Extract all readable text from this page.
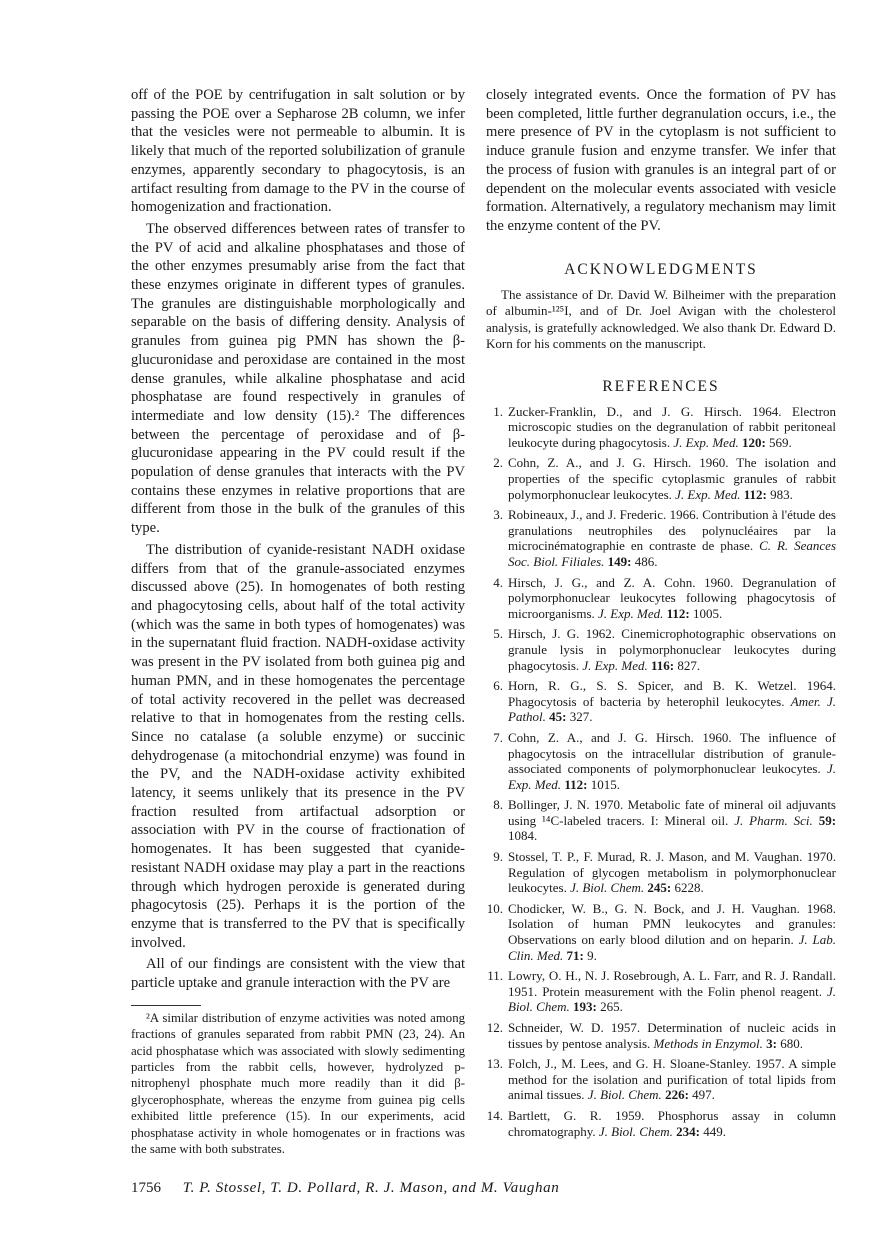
off of the POE by centrifugation in salt solution or by passing the POE over a Sepharose 2B column, we infer that the vesicles were not permeable to albumin. It is likely that much of the reported solubilization of granule enzymes, apparently secondary to phagocytosis, is an artifact resulting from damage to the PV in the course of homogenization and fractionation.

The observed differences between rates of transfer to the PV of acid and alkaline phosphatases and those of the other enzymes presumably arise from the fact that these enzymes originate in different types of granules. The granules are distinguishable morphologically and separable on the basis of differing density. Analysis of granules from guinea pig PMN has shown the β-glucuronidase and peroxidase are contained in the most dense granules, while alkaline phosphatase and acid phosphatase are found respectively in granules of intermediate and low density (15).² The differences between the percentage of peroxidase and of β-glucuronidase appearing in the PV could result if the population of dense granules that interacts with the PV contains these enzymes in relative proportions that are different from those in the bulk of the granules of this type.

The distribution of cyanide-resistant NADH oxidase differs from that of the granule-associated enzymes discussed above (25). In homogenates of both resting and phagocytosing cells, about half of the total activity (which was the same in both types of homogenates) was in the supernatant fluid fraction. NADH-oxidase activity was present in the PV isolated from both guinea pig and human PMN, and in these homogenates the percentage of total activity recovered in the pellet was decreased relative to that in homogenates from the resting cells. Since no catalase (a soluble enzyme) or succinic dehydrogenase (a mitochondrial enzyme) was found in the PV, and the NADH-oxidase activity exhibited latency, it seems unlikely that its presence in the PV fraction resulted from artifactual adsorption or association with PV in the course of fractionation of homogenates. It has been suggested that cyanide-resistant NADH oxidase may play a part in the reactions through which hydrogen peroxide is generated during phagocytosis (25). Perhaps it is the portion of the enzyme that is transferred to the PV that is specifically involved.

All of our findings are consistent with the view that particle uptake and granule interaction with the PV are

²A similar distribution of enzyme activities was noted among fractions of granules separated from rabbit PMN (23, 24). An acid phosphatase which was associated with slowly sedimenting particles from the rabbit cells, however, hydrolyzed p-nitrophenyl phosphate much more readily than it did β-glycerophosphate, whereas the enzyme from guinea pig cells exhibited little preference (15). In our experiments, acid phosphatase activity in whole homogenates or in fractions was the same with both substrates.

closely integrated events. Once the formation of PV has been completed, little further degranulation occurs, i.e., the mere presence of PV in the cytoplasm is not sufficient to induce granule fusion and enzyme transfer. We infer that the process of fusion with granules is an integral part of or dependent on the molecular events associated with vesicle formation. Alternatively, a regulatory mechanism may limit the enzyme content of the PV.

ACKNOWLEDGMENTS

The assistance of Dr. David W. Bilheimer with the preparation of albumin-¹²⁵I, and of Dr. Joel Avigan with the cholesterol analysis, is gratefully acknowledged. We also thank Dr. Edward D. Korn for his comments on the manuscript.

REFERENCES
1. Zucker-Franklin, D., and J. G. Hirsch. 1964. Electron microscopic studies on the degranulation of rabbit peritoneal leukocyte during phagocytosis. J. Exp. Med. 120: 569.
2. Cohn, Z. A., and J. G. Hirsch. 1960. The isolation and properties of the specific cytoplasmic granules of rabbit polymorphonuclear leukocytes. J. Exp. Med. 112: 983.
3. Robineaux, J., and J. Frederic. 1966. Contribution à l'étude des granulations neutrophiles des polynucléaires par la microcinématographie en contraste de phase. C. R. Seances Soc. Biol. Filiales. 149: 486.
4. Hirsch, J. G., and Z. A. Cohn. 1960. Degranulation of polymorphonuclear leukocytes following phagocytosis of microorganisms. J. Exp. Med. 112: 1005.
5. Hirsch, J. G. 1962. Cinemicrophotographic observations on granule lysis in polymorphonuclear leukocytes during phagocytosis. J. Exp. Med. 116: 827.
6. Horn, R. G., S. S. Spicer, and B. K. Wetzel. 1964. Phagocytosis of bacteria by heterophil leukocytes. Amer. J. Pathol. 45: 327.
7. Cohn, Z. A., and J. G. Hirsch. 1960. The influence of phagocytosis on the intracellular distribution of granule-associated components of polymorphonuclear leukocytes. J. Exp. Med. 112: 1015.
8. Bollinger, J. N. 1970. Metabolic fate of mineral oil adjuvants using ¹⁴C-labeled tracers. I: Mineral oil. J. Pharm. Sci. 59: 1084.
9. Stossel, T. P., F. Murad, R. J. Mason, and M. Vaughan. 1970. Regulation of glycogen metabolism in polymorphonuclear leukocytes. J. Biol. Chem. 245: 6228.
10. Chodicker, W. B., G. N. Bock, and J. H. Vaughan. 1968. Isolation of human PMN leukocytes and granules: Observations on early blood dilution and on heparin. J. Lab. Clin. Med. 71: 9.
11. Lowry, O. H., N. J. Rosebrough, A. L. Farr, and R. J. Randall. 1951. Protein measurement with the Folin phenol reagent. J. Biol. Chem. 193: 265.
12. Schneider, W. D. 1957. Determination of nucleic acids in tissues by pentose analysis. Methods in Enzymol. 3: 680.
13. Folch, J., M. Lees, and G. H. Sloane-Stanley. 1957. A simple method for the isolation and purification of total lipids from animal tissues. J. Biol. Chem. 226: 497.
14. Bartlett, G. R. 1959. Phosphorus assay in column chromatography. J. Biol. Chem. 234: 449.
1756 T. P. Stossel, T. D. Pollard, R. J. Mason, and M. Vaughan
